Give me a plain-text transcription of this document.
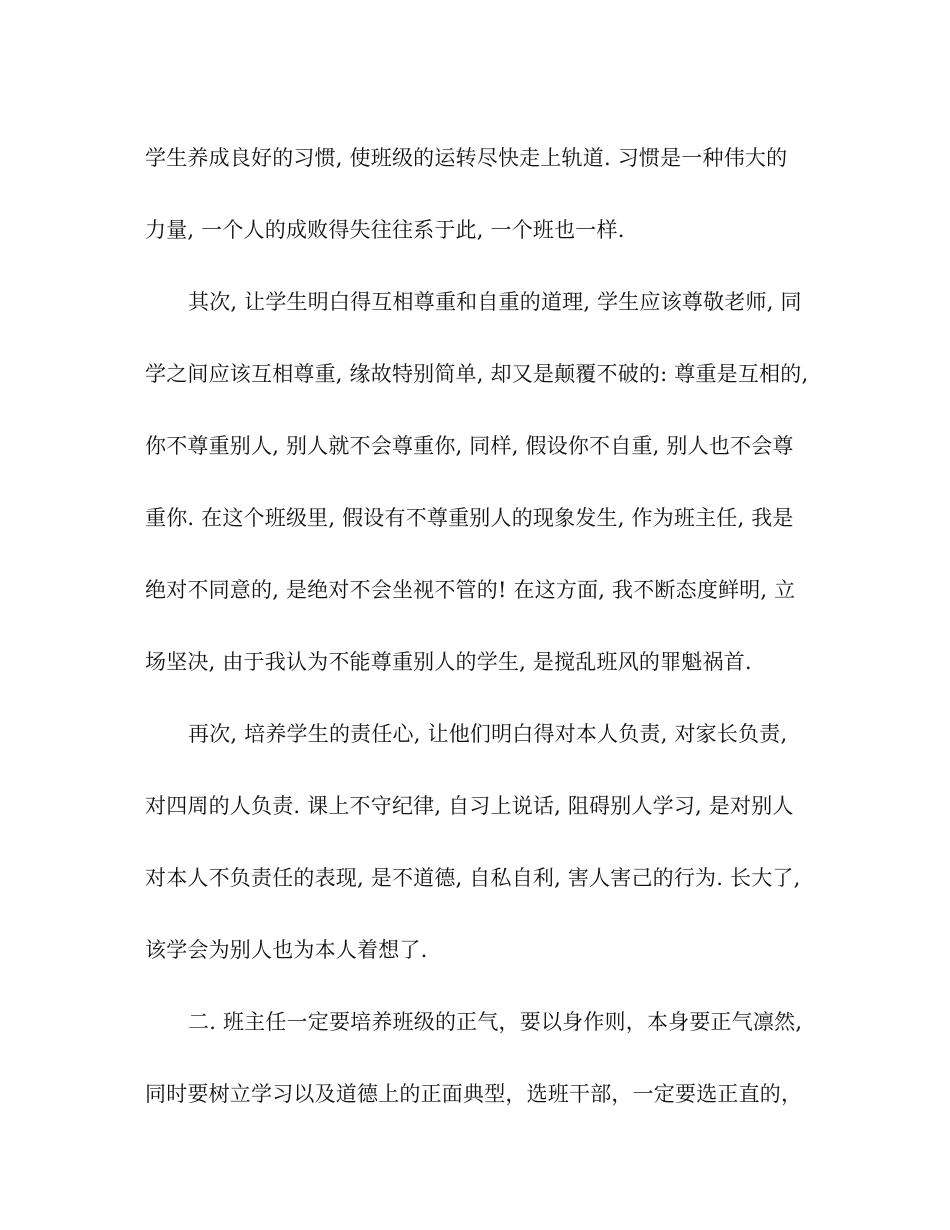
学生养成良好的习惯, 使班级的运转尽快走上轨道. 习惯是一种伟大的
力量, 一个人的成败得失往往系于此, 一个班也一样.
其次, 让学生明白得互相尊重和自重的道理, 学生应该尊敬老师, 同
学之间应该互相尊重, 缘故特别简单, 却又是颠覆不破的: 尊重是互相的,
你不尊重别人, 别人就不会尊重你, 同样, 假设你不自重, 别人也不会尊
重你. 在这个班级里, 假设有不尊重别人的现象发生, 作为班主任, 我是
绝对不同意的, 是绝对不会坐视不管的! 在这方面, 我不断态度鲜明, 立
场坚决, 由于我认为不能尊重别人的学生, 是搅乱班风的罪魁祸首.
再次, 培养学生的责任心, 让他们明白得对本人负责, 对家长负责,
对四周的人负责. 课上不守纪律, 自习上说话, 阻碍别人学习, 是对别人
对本人不负责任的表现, 是不道德, 自私自利, 害人害己的行为. 长大了,
该学会为别人也为本人着想了.
二. 班主任一定要培养班级的正气，要以身作则，本身要正气凛然,
同时要树立学习以及道德上的正面典型，选班干部，一定要选正直的，
